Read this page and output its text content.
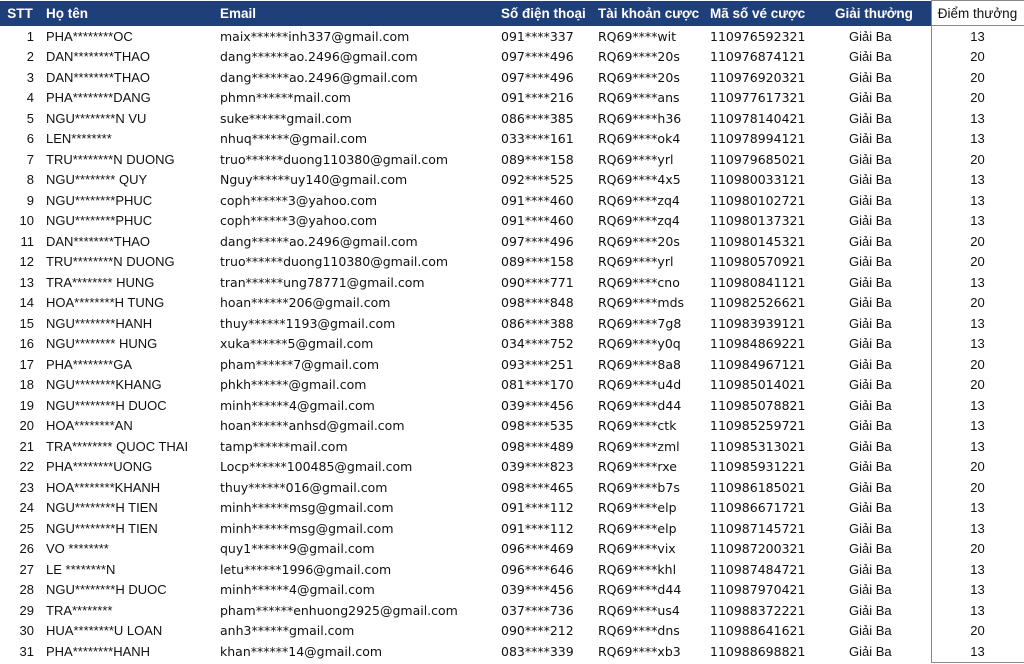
STT	Họ tên	Email	Số điện thoại	Tài khoản cược	Mã số vé cược	Giải thưởng	Điểm thưởng
1	PHA********OC	maix******inh337@gmail.com	091****337	RQ69****wit	110976592321	Giải Ba	13
2	DAN********THAO	dang******ao.2496@gmail.com	097****496	RQ69****20s	110976874121	Giải Ba	20
3	DAN********THAO	dang******ao.2496@gmail.com	097****496	RQ69****20s	110976920321	Giải Ba	20
4	PHA********DANG	phmn******mail.com	091****216	RQ69****ans	110977617321	Giải Ba	20
5	NGU********N VU	suke******gmail.com	086****385	RQ69****h36	110978140421	Giải Ba	13
6	LEN********	nhuq******@gmail.com	033****161	RQ69****ok4	110978994121	Giải Ba	13
7	TRU********N DUONG	truo******duong110380@gmail.com	089****158	RQ69****yrl	110979685021	Giải Ba	20
8	NGU******** QUY	Nguy******uy140@gmail.com	092****525	RQ69****4x5	110980033121	Giải Ba	13
9	NGU********PHUC	coph******3@yahoo.com	091****460	RQ69****zq4	110980102721	Giải Ba	13
10	NGU********PHUC	coph******3@yahoo.com	091****460	RQ69****zq4	110980137321	Giải Ba	13
11	DAN********THAO	dang******ao.2496@gmail.com	097****496	RQ69****20s	110980145321	Giải Ba	20
12	TRU********N DUONG	truo******duong110380@gmail.com	089****158	RQ69****yrl	110980570921	Giải Ba	20
13	TRA******** HUNG	tran******ung78771@gmail.com	090****771	RQ69****cno	110980841121	Giải Ba	13
14	HOA********H TUNG	hoan******206@gmail.com	098****848	RQ69****mds	110982526621	Giải Ba	20
15	NGU********HANH	thuy******1193@gmail.com	086****388	RQ69****7g8	110983939121	Giải Ba	13
16	NGU******** HUNG	xuka******5@gmail.com	034****752	RQ69****y0q	110984869221	Giải Ba	13
17	PHA********GA	pham******7@gmail.com	093****251	RQ69****8a8	110984967121	Giải Ba	20
18	NGU********KHANG	phkh******@gmail.com	081****170	RQ69****u4d	110985014021	Giải Ba	20
19	NGU********H DUOC	minh******4@gmail.com	039****456	RQ69****d44	110985078821	Giải Ba	13
20	HOA********AN	hoan******anhsd@gmail.com	098****535	RQ69****ctk	110985259721	Giải Ba	13
21	TRA******** QUOC THAI	tamp******mail.com	098****489	RQ69****zml	110985313021	Giải Ba	13
22	PHA********UONG	Locp******100485@gmail.com	039****823	RQ69****rxe	110985931221	Giải Ba	20
23	HOA********KHANH	thuy******016@gmail.com	098****465	RQ69****b7s	110986185021	Giải Ba	20
24	NGU********H TIEN	minh******msg@gmail.com	091****112	RQ69****elp	110986671721	Giải Ba	13
25	NGU********H TIEN	minh******msg@gmail.com	091****112	RQ69****elp	110987145721	Giải Ba	13
26	VO ********	quy1******9@gmail.com	096****469	RQ69****vix	110987200321	Giải Ba	20
27	LE ********N	letu******1996@gmail.com	096****646	RQ69****khl	110987484721	Giải Ba	13
28	NGU********H DUOC	minh******4@gmail.com	039****456	RQ69****d44	110987970421	Giải Ba	13
29	TRA********	pham******enhuong2925@gmail.com	037****736	RQ69****us4	110988372221	Giải Ba	13
30	HUA********U LOAN	anh3******gmail.com	090****212	RQ69****dns	110988641621	Giải Ba	20
31	PHA********HANH	khan******14@gmail.com	083****339	RQ69****xb3	110988698821	Giải Ba	13
